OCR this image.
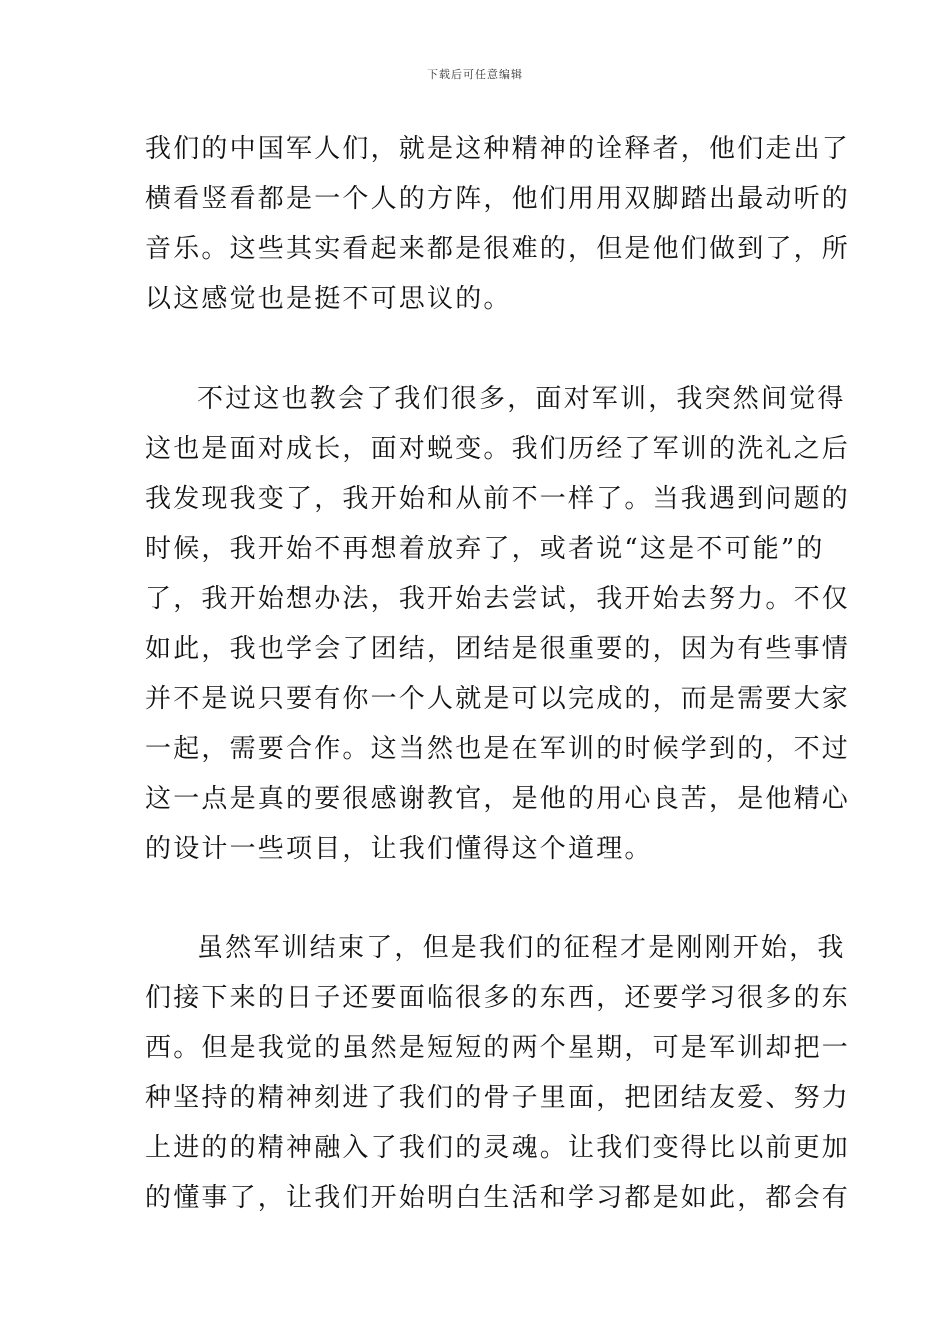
下载后可任意编辑
我们的中国军人们，就是这种精神的诠释者，他们走出了
横看竖看都是一个人的方阵，他们用用双脚踏出最动听的
音乐。这些其实看起来都是很难的，但是他们做到了，所
以这感觉也是挺不可思议的。
不过这也教会了我们很多，面对军训，我突然间觉得
这也是面对成长，面对蜕变。我们历经了军训的洗礼之后
我发现我变了，我开始和从前不一样了。当我遇到问题的
时候，我开始不再想着放弃了，或者说“这是不可能”的
了，我开始想办法，我开始去尝试，我开始去努力。不仅
如此，我也学会了团结，团结是很重要的，因为有些事情
并不是说只要有你一个人就是可以完成的，而是需要大家
一起，需要合作。这当然也是在军训的时候学到的，不过
这一点是真的要很感谢教官，是他的用心良苦，是他精心
的设计一些项目，让我们懂得这个道理。
虽然军训结束了，但是我们的征程才是刚刚开始，我
们接下来的日子还要面临很多的东西，还要学习很多的东
西。但是我觉的虽然是短短的两个星期，可是军训却把一
种坚持的精神刻进了我们的骨子里面，把团结友爱、努力
上进的的精神融入了我们的灵魂。让我们变得比以前更加
的懂事了，让我们开始明白生活和学习都是如此，都会有
